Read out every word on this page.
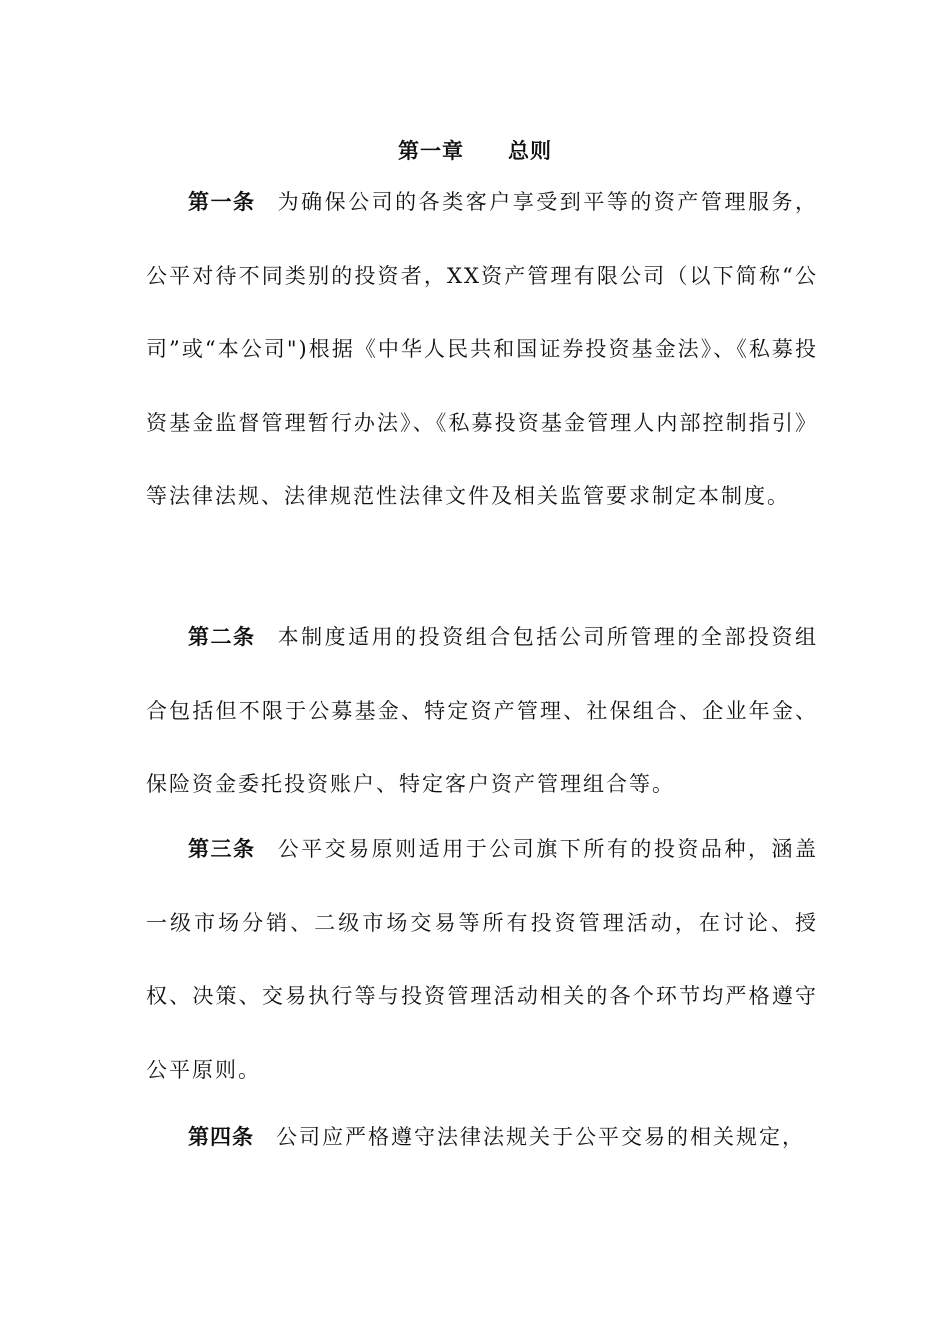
第一章 总则

第一条 为确保公司的各类客户享受到平等的资产管理服务，公平对待不同类别的投资者，XX资产管理有限公司（以下简称“公司”或“本公司")根据《中华人民共和国证券投资基金法》、《私募投资基金监督管理暂行办法》、《私募投资基金管理人内部控制指引》等法律法规、法律规范性法律文件及相关监管要求制定本制度。

第二条 本制度适用的投资组合包括公司所管理的全部投资组合包括但不限于公募基金、特定资产管理、社保组合、企业年金、保险资金委托投资账户、特定客户资产管理组合等。

第三条 公平交易原则适用于公司旗下所有的投资品种，涵盖一级市场分销、二级市场交易等所有投资管理活动，在讨论、授权、决策、交易执行等与投资管理活动相关的各个环节均严格遵守公平原则。

第四条 公司应严格遵守法律法规关于公平交易的相关规定，
